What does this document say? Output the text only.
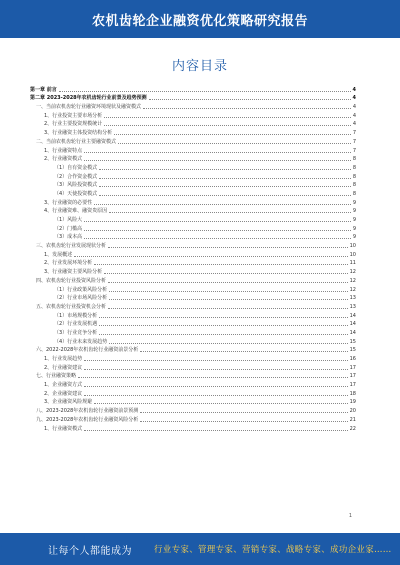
农机齿轮企业融资优化策略研究报告
内容目录
第一章 前言	4
第二章 2023-2028年农机齿轮行业前景及趋势预测	4
一、当前农机齿轮行业融资环境现状及融资模式	4
1、行业投资主要市场分析	4
2、行业主要投资规模统计	4
3、行业融资主体投资结构分析	7
二、当前农机齿轮行业主要融资模式	7
1、行业融资特点	7
2、行业融资模式	8
（1）自有资金模式	8
（2）合作资金模式	8
（3）风险投资模式	8
（4）天使投资模式	8
3、行业融资的必要性	9
4、行业融资难、融资贵原因	9
（1）风险大	9
（2）门槛高	9
（3）成本高	9
三、农机齿轮行业发展现状分析	10
1、发展概述	10
2、行业发展环境分析	11
3、行业融资主要风险分析	12
四、农机齿轮行业投资风险分析	12
（1）行业政策风险分析	12
（2）行业市场风险分析	13
五、农机齿轮行业投资机会分析	13
（1）市场规模分析	14
（2）行业发展机遇	14
（3）行业竞争分析	14
（4）行业未来发展趋势	15
六、2022-2028年农机齿轮行业融资前景分析	15
1、行业发展趋势	16
2、行业融资建议	17
七、行业融资策略	17
1、企业融资方式	17
2、企业融资建议	18
3、企业融资风险规避	19
八、2023-2028年农机齿轮行业融资前景预测	20
九、2023-2028年农机齿轮行业融资风险分析	21
1、行业融资模式	22
1
让每个人都能成为	行业专家、管理专家、营销专家、战略专家、成功企业家……
